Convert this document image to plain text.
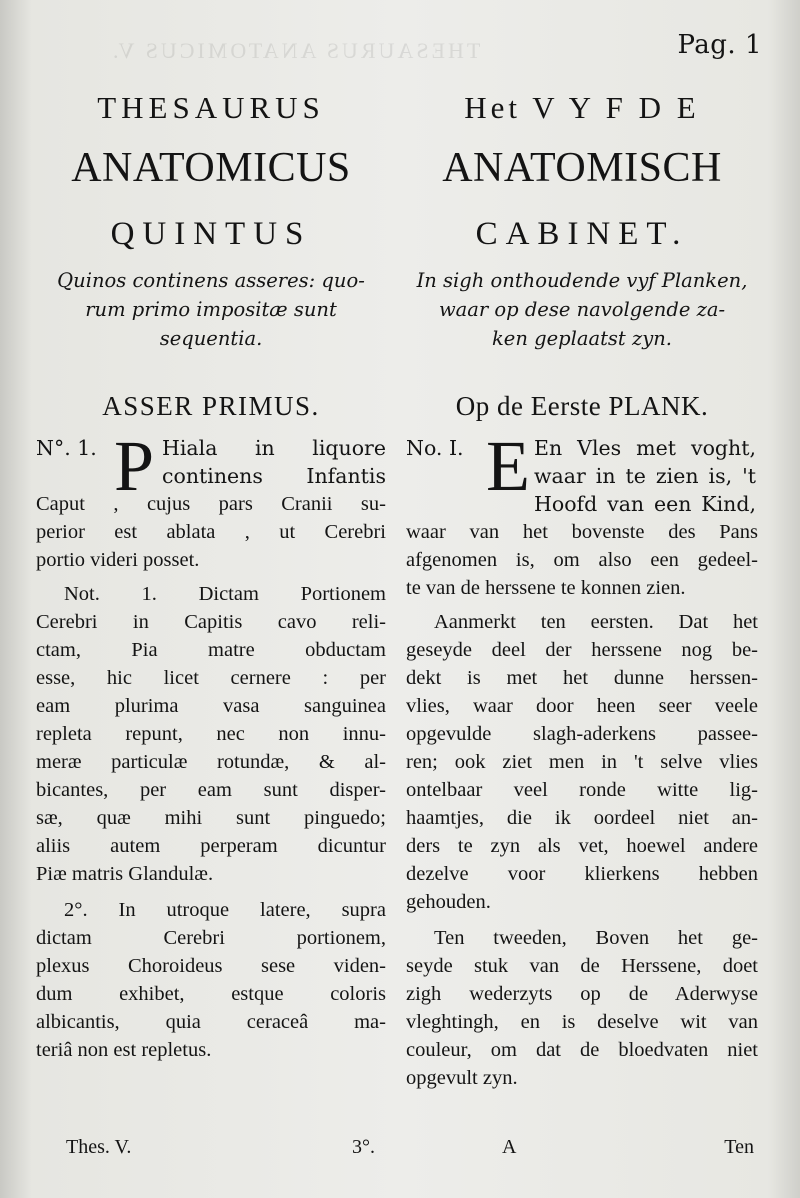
THESAURUS ANATOMICUS V.	Pag. 1
THESAURUS
ANATOMICUS
QUINTUS
Quinos continens asseres: quo-
rum primo impositæ sunt
sequentia.
ASSER PRIMUS.
N°. 1. P Hiala in liquore
continens Infantis
Caput , cujus pars Cranii su-
perior est ablata , ut Cerebri
portio videri posset.
Not. 1. Dictam Portionem
Cerebri in Capitis cavo reli-
ctam, Pia matre obductam
esse, hic licet cernere : per
eam plurima vasa sanguinea
repleta repunt, nec non innu-
meræ particulæ rotundæ, & al-
bicantes, per eam sunt disper-
sæ, quæ mihi sunt pinguedo;
aliis autem perperam dicuntur
Piæ matris Glandulæ.
2°. In utroque latere, supra
dictam Cerebri portionem,
plexus Choroideus sese viden-
dum exhibet, estque coloris
albicantis, quia ceraceâ ma-
teriâ non est repletus.
Het V Y F D E
ANATOMISCH
CABINET.
In sigh onthoudende vyf Planken,
waar op dese navolgende za-
ken geplaatst zyn.
Op de Eerste PLANK.
No. I. E En Vles met voght,
waar in te zien is, 't
Hoofd van een Kind,
waar van het bovenste des Pans
afgenomen is, om also een gedeel-
te van de herssene te konnen zien.
Aanmerkt ten eersten. Dat het
geseyde deel der herssene nog be-
dekt is met het dunne herssen-
vlies, waar door heen seer veele
opgevulde slagh-aderkens passee-
ren; ook ziet men in 't selve vlies
ontelbaar veel ronde witte lig-
haamtjes, die ik oordeel niet an-
ders te zyn als vet, hoewel andere
dezelve voor klierkens hebben
gehouden.
Ten tweeden, Boven het ge-
seyde stuk van de Herssene, doet
zigh wederzyts op de Aderwyse
vleghtingh, en is deselve wit van
couleur, om dat de bloedvaten niet
opgevult zyn.
Thes. V.	3°.	A	Ten
